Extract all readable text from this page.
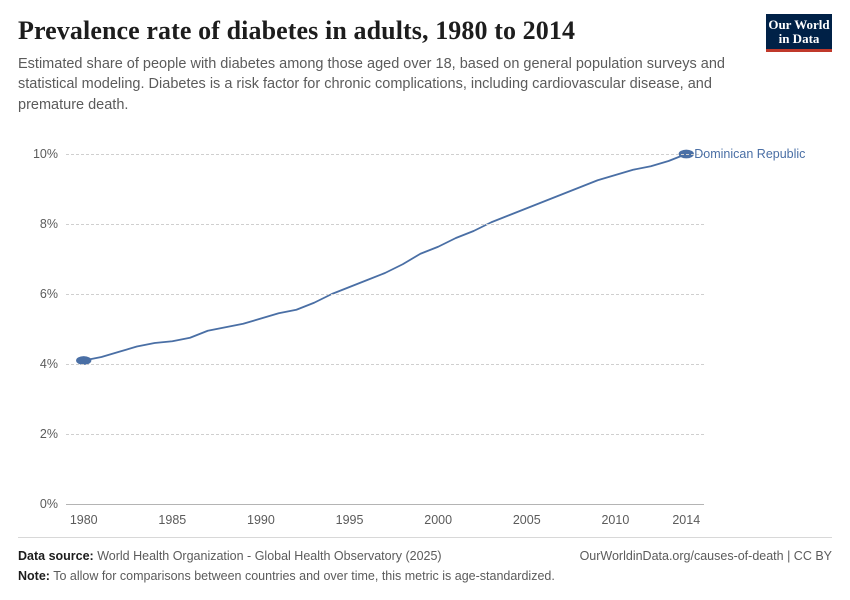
Prevalence rate of diabetes in adults, 1980 to 2014

Estimated share of people with diabetes among those aged over 18, based on general population surveys and statistical modeling. Diabetes is a risk factor for chronic complications, including cardiovascular disease, and premature death.

Our World
in Data
0%
2%
4%
6%
8%
10%
1980	1985	1990	1995	2000	2005	2010	2014
Dominican Republic
Data source: World Health Organization - Global Health Observatory (2025)	OurWorldinData.org/causes-of-death | CC BY
Note: To allow for comparisons between countries and over time, this metric is age-standardized.
